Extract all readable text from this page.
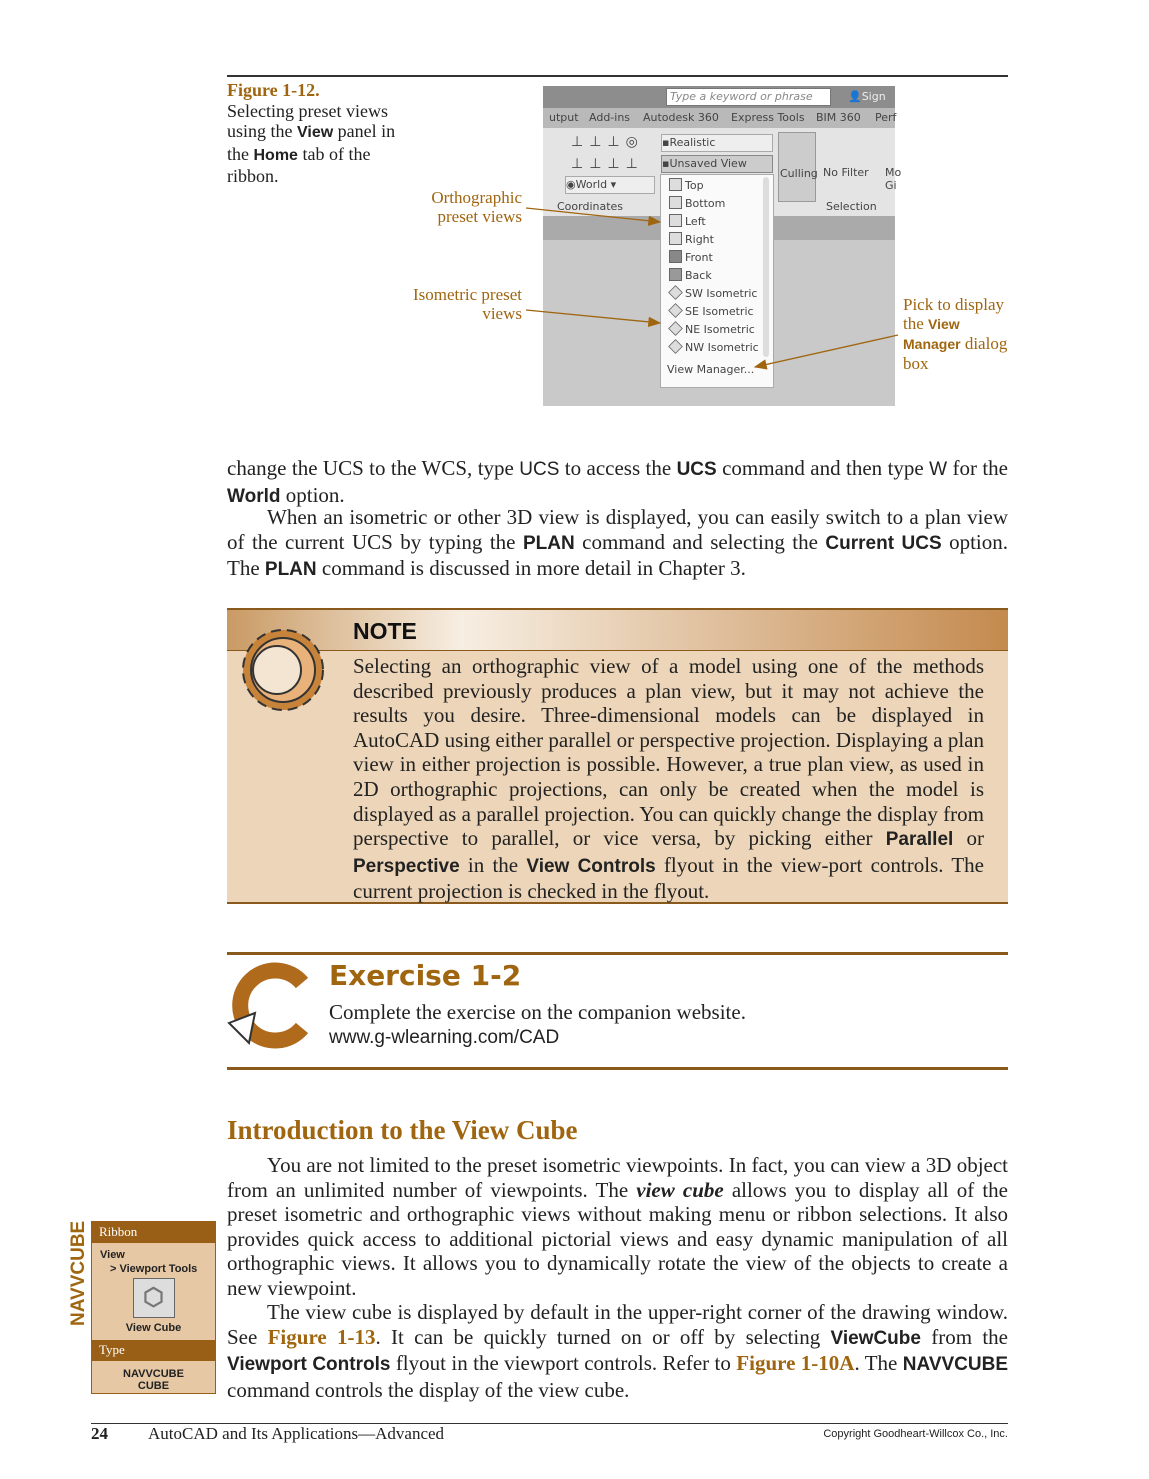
Figure 1-12.
Selecting preset views using the View panel in the Home tab of the ribbon.
Orthographic preset views
Isometric preset views	Pick to display the View Manager dialog box
Type a keyword or phrase	👤Sign
utput Add-ins Autodesk 360 Express Tools BIM 360 Perf
⊥⊥⊥◎
⊥⊥⊥⊥
◉World ▾
Coordinates
▪Realistic
▪Unsaved View
Culling No Filter Mo Gi
Selection
Top
Bottom
Left
Right
Front
Back
SW Isometric
SE Isometric
NE Isometric
NW Isometric
View Manager...
change the UCS to the WCS, type UCS to access the UCS command and then type W for the World option.
When an isometric or other 3D view is displayed, you can easily switch to a plan view of the current UCS by typing the PLAN command and selecting the Current UCS option. The PLAN command is discussed in more detail in Chapter 3.
NOTE
Selecting an orthographic view of a model using one of the methods described previously produces a plan view, but it may not achieve the results you desire. Three-dimensional models can be displayed in AutoCAD using either parallel or perspective projection. Displaying a plan view in either projection is possible. However, a true plan view, as used in 2D orthographic projections, can only be created when the model is displayed as a parallel projection. You can quickly change the display from perspective to parallel, or vice versa, by picking either Parallel or Perspective in the View Controls flyout in the view-port controls. The current projection is checked in the flyout.
Exercise 1-2
Complete the exercise on the companion website.
www.g-wlearning.com/CAD
Introduction to the View Cube
You are not limited to the preset isometric viewpoints. In fact, you can view a 3D object from an unlimited number of viewpoints. The view cube allows you to display all of the preset isometric and orthographic views without making menu or ribbon selections. It also provides quick access to additional pictorial views and easy dynamic manipulation of all orthographic views. It allows you to dynamically rotate the view of the objects to create a new viewpoint.
The view cube is displayed by default in the upper-right corner of the drawing window. See Figure 1-13. It can be quickly turned on or off by selecting ViewCube from the Viewport Controls flyout in the viewport controls. Refer to Figure 1-10A. The NAVVCUBE command controls the display of the view cube.
NAVVCUBE Ribbon
View
> Viewport Tools
⬡
View Cube
Type
NAVVCUBE
CUBE
24 AutoCAD and Its Applications—Advanced	Copyright Goodheart-Willcox Co., Inc.
